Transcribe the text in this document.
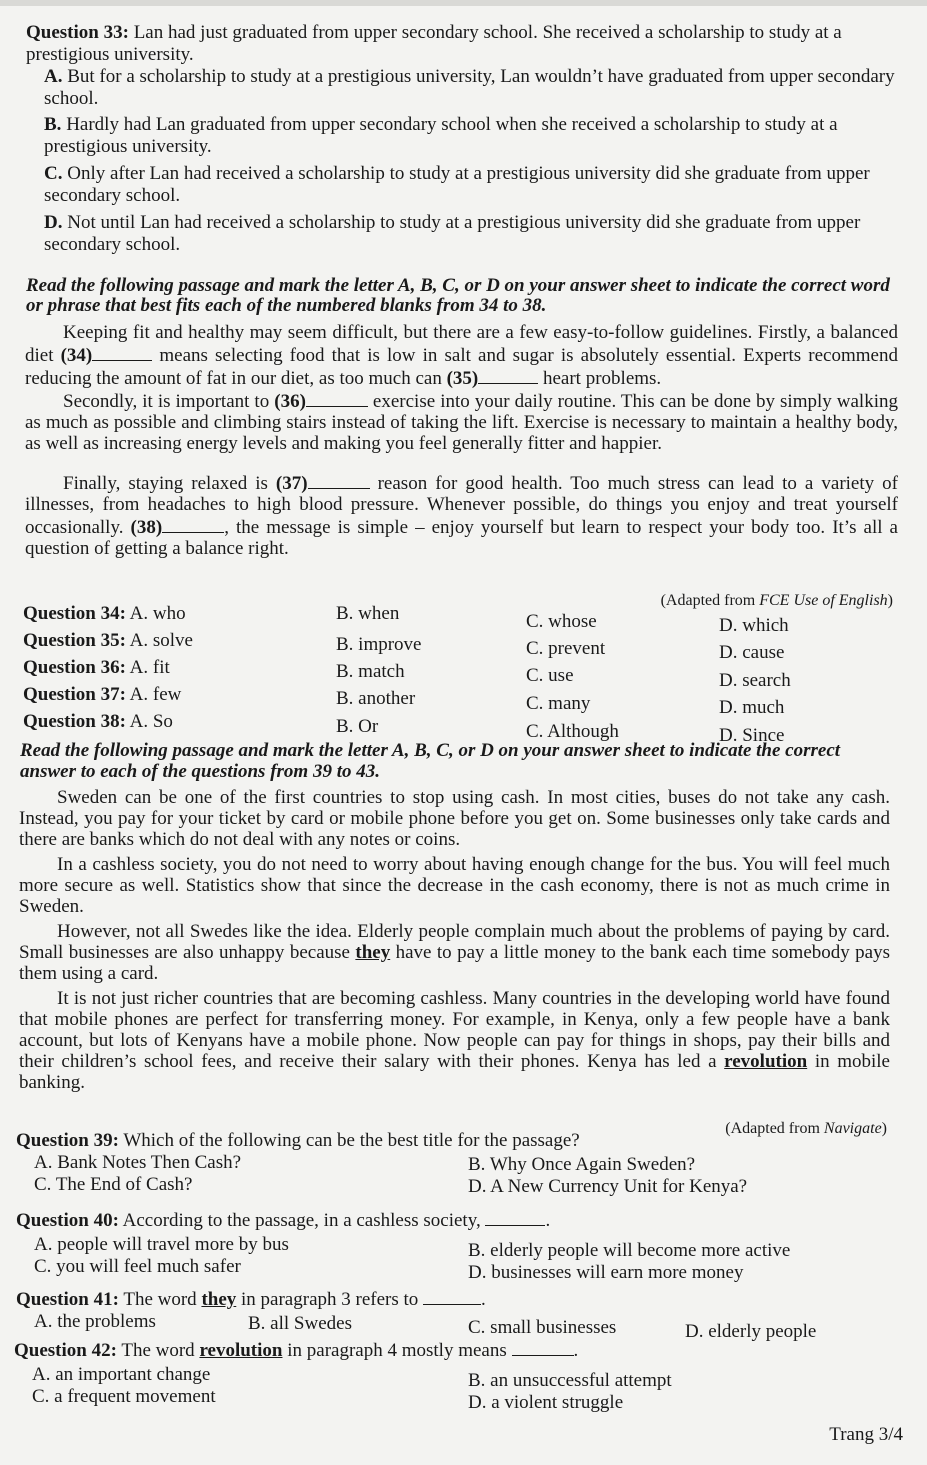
Question 33: Lan had just graduated from upper secondary school. She received a scholarship to study at a prestigious university.

A. But for a scholarship to study at a prestigious university, Lan wouldn’t have graduated from upper secondary school.

B. Hardly had Lan graduated from upper secondary school when she received a scholarship to study at a prestigious university.

C. Only after Lan had received a scholarship to study at a prestigious university did she graduate from upper secondary school.

D. Not until Lan had received a scholarship to study at a prestigious university did she graduate from upper secondary school.

Read the following passage and mark the letter A, B, C, or D on your answer sheet to indicate the correct word or phrase that best fits each of the numbered blanks from 34 to 38.

Keeping fit and healthy may seem difficult, but there are a few easy-to-follow guidelines. Firstly, a balanced diet (34)	means selecting food that is low in salt and sugar is absolutely essential. Experts recommend reducing the amount of fat in our diet, as too much can (35)	heart problems.

Secondly, it is important to (36)	exercise into your daily routine. This can be done by simply walking as much as possible and climbing stairs instead of taking the lift. Exercise is necessary to maintain a healthy body, as well as increasing energy levels and making you feel generally fitter and happier.

Finally, staying relaxed is (37)	reason for good health. Too much stress can lead to a variety of illnesses, from headaches to high blood pressure. Whenever possible, do things you enjoy and treat yourself occasionally. (38)	, the message is simple – enjoy yourself but learn to respect your body too. It’s all a question of getting a balance right.

(Adapted from FCE Use of English)
Question 34: A. who	B. when	C. whose	D. which
Question 35: A. solve	B. improve	C. prevent	D. cause
Question 36: A. fit	B. match	C. use	D. search
Question 37: A. few	B. another	C. many	D. much
Question 38: A. So	B. Or	C. Although	D. Since

Read the following passage and mark the letter A, B, C, or D on your answer sheet to indicate the correct answer to each of the questions from 39 to 43.

Sweden can be one of the first countries to stop using cash. In most cities, buses do not take any cash. Instead, you pay for your ticket by card or mobile phone before you get on. Some businesses only take cards and there are banks which do not deal with any notes or coins.

In a cashless society, you do not need to worry about having enough change for the bus. You will feel much more secure as well. Statistics show that since the decrease in the cash economy, there is not as much crime in Sweden.

However, not all Swedes like the idea. Elderly people complain much about the problems of paying by card. Small businesses are also unhappy because they have to pay a little money to the bank each time somebody pays them using a card.

It is not just richer countries that are becoming cashless. Many countries in the developing world have found that mobile phones are perfect for transferring money. For example, in Kenya, only a few people have a bank account, but lots of Kenyans have a mobile phone. Now people can pay for things in shops, pay their bills and their children’s school fees, and receive their salary with their phones. Kenya has led a revolution in mobile banking.

(Adapted from Navigate)

Question 39: Which of the following can be the best title for the passage?

A. Bank Notes Then Cash?	B. Why Once Again Sweden?
C. The End of Cash?	D. A New Currency Unit for Kenya?

Question 40: According to the passage, in a cashless society,	.

A. people will travel more by bus	B. elderly people will become more active
C. you will feel much safer	D. businesses will earn more money

Question 41: The word they in paragraph 3 refers to	.

A. the problems	B. all Swedes	C. small businesses	D. elderly people

Question 42: The word revolution in paragraph 4 mostly means	.

A. an important change	B. an unsuccessful attempt
C. a frequent movement	D. a violent struggle
Trang 3/4
